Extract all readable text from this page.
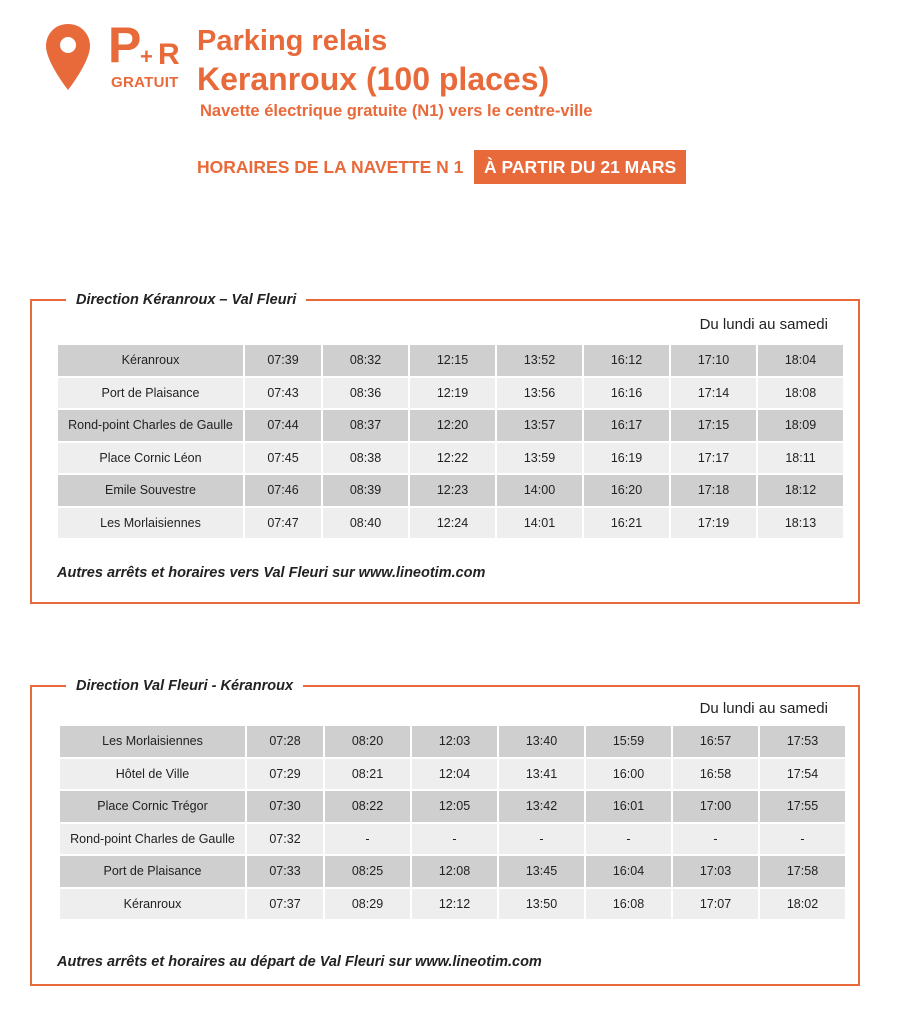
P + R
GRATUIT
Parking relais
Keranroux (100 places)
Navette électrique gratuite (N1) vers le centre-ville
HORAIRES DE LA NAVETTE N 1	À PARTIR DU 21 MARS
Direction Kéranroux – Val Fleuri
Du lundi au samedi
Kéranroux	07:39	08:32	12:15	13:52	16:12	17:10	18:04
Port de Plaisance	07:43	08:36	12:19	13:56	16:16	17:14	18:08
Rond-point Charles de Gaulle	07:44	08:37	12:20	13:57	16:17	17:15	18:09
Place Cornic Léon	07:45	08:38	12:22	13:59	16:19	17:17	18:11
Emile Souvestre	07:46	08:39	12:23	14:00	16:20	17:18	18:12
Les Morlaisiennes	07:47	08:40	12:24	14:01	16:21	17:19	18:13
Autres arrêts et horaires vers Val Fleuri sur www.lineotim.com
Direction Val Fleuri - Kéranroux
Du lundi au samedi
Les Morlaisiennes	07:28	08:20	12:03	13:40	15:59	16:57	17:53
Hôtel de Ville	07:29	08:21	12:04	13:41	16:00	16:58	17:54
Place Cornic Trégor	07:30	08:22	12:05	13:42	16:01	17:00	17:55
Rond-point Charles de Gaulle	07:32	-	-	-	-	-	-
Port de Plaisance	07:33	08:25	12:08	13:45	16:04	17:03	17:58
Kéranroux	07:37	08:29	12:12	13:50	16:08	17:07	18:02
Autres arrêts et horaires au départ de Val Fleuri sur www.lineotim.com
